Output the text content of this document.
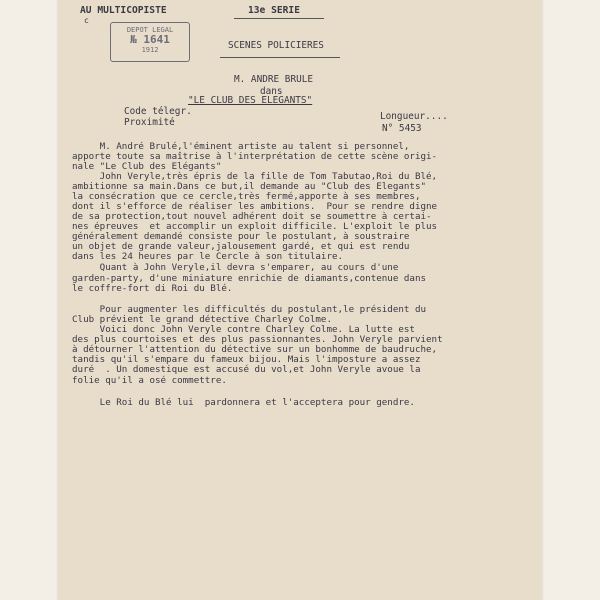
AU MULTICOPISTE
c
13e SERIE
SCENES POLICIERES
DEPOT LEGAL
№ 1641
1912
M. ANDRE BRULE
dans
"LE CLUB DES ELEGANTS"
Code télegr.
Proximité
Longueur....
N° 5453
M. André Brulé,l'éminent artiste au talent si personnel,
apporte toute sa maîtrise à l'interprétation de cette scène origi-
nale "Le Club des Elégants"
John Veryle,très épris de la fille de Tom Tabutao,Roi du Blé,
ambitionne sa main.Dans ce but,il demande au "Club des Elegants"
la consécration que ce cercle,très fermé,apporte à ses membres,
dont il s'efforce de réaliser les ambitions.  Pour se rendre digne
de sa protection,tout nouvel adhérent doit se soumettre à certai-
nes épreuves  et accomplir un exploit difficile. L'exploit le plus
généralement demandé consiste pour le postulant, à soustraire
un objet de grande valeur,jalousement gardé, et qui est rendu
dans les 24 heures par le Cercle à son titulaire.
Quant à John Veryle,il devra s'emparer, au cours d'une
garden-party, d'une miniature enrichie de diamants,contenue dans
le coffre-fort di Roi du Blé.
Pour augmenter les difficultés du postulant,le président du
Club prévient le grand détective Charley Colme.
Voici donc John Veryle contre Charley Colme. La lutte est
des plus courtoises et des plus passionnantes. John Veryle parvient
à détourner l'attention du détective sur un bonhomme de baudruche,
tandis qu'il s'empare du fameux bijou. Mais l'imposture a assez
duré  . Un domestique est accusé du vol,et John Veryle avoue la
folie qu'il a osé commettre.
Le Roi du Blé lui  pardonnera et l'acceptera pour gendre.
